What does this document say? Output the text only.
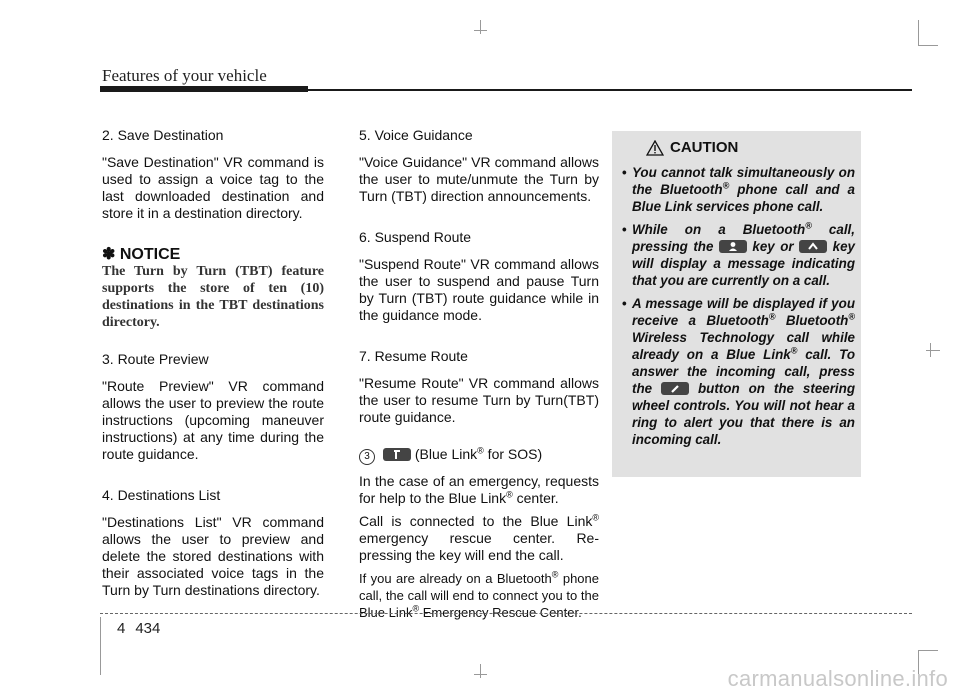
Features of your vehicle

2. Save Destination

"Save Destination" VR command is used to assign a voice tag to the last downloaded destination and store it in a destination directory.

✽ NOTICE

The Turn by Turn (TBT) feature supports the store of ten (10) destinations in the TBT destinations directory.

3. Route Preview

"Route Preview" VR command allows the user to preview the route instructions (upcoming maneuver instructions) at any time during the route guidance.

4. Destinations List

"Destinations List" VR command allows the user to preview and delete the stored destinations with their associated voice tags in the Turn by Turn destinations directory.

5. Voice Guidance

"Voice Guidance" VR command allows the user to mute/unmute the Turn by Turn (TBT) direction announcements.

6. Suspend Route

"Suspend Route" VR command allows the user to suspend and pause Turn by Turn (TBT) route guidance while in the guidance mode.

7. Resume Route

"Resume Route" VR command allows the user to resume Turn by Turn(TBT) route guidance.

3	(Blue Link® for SOS)

In the case of an emergency, requests for help to the Blue Link® center.

Call is connected to the Blue Link® emergency rescue center. Re-pressing the key will end the call.

If you are already on a Bluetooth® phone call, the call will end to connect you to the Blue Link® Emergency Rescue Center.

CAUTION
• You cannot talk simultaneously on the Bluetooth® phone call and a Blue Link services phone call.
• While on a Bluetooth® call, pressing the
key or
key will display a message indicating that you are currently on a call.
• A message will be displayed if you receive a Bluetooth® Bluetooth® Wireless Technology call while already on a Blue Link® call. To answer the incoming call, press the
button on the steering wheel controls. You will not hear a ring to alert you that there is an incoming call.
4 434
carmanualsonline.info
